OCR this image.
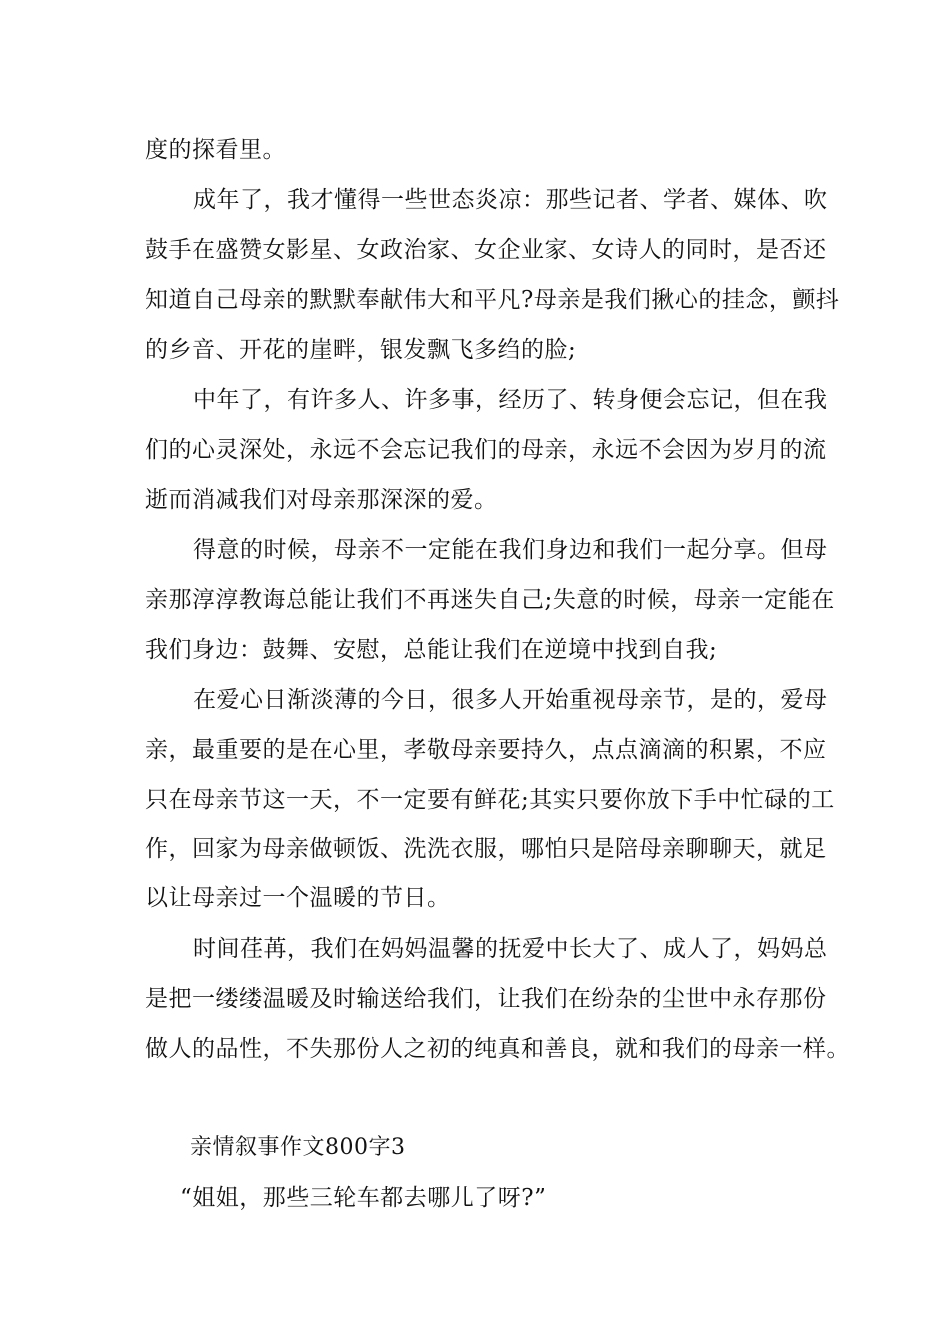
度的探看里。
成年了，我才懂得一些世态炎凉：那些记者、学者、媒体、吹
鼓手在盛赞女影星、女政治家、女企业家、女诗人的同时，是否还
知道自己母亲的默默奉献伟大和平凡?母亲是我们揪心的挂念，颤抖
的乡音、开花的崖畔，银发飘飞多绉的脸;
中年了，有许多人、许多事，经历了、转身便会忘记，但在我
们的心灵深处，永远不会忘记我们的母亲，永远不会因为岁月的流
逝而消减我们对母亲那深深的爱。
得意的时候，母亲不一定能在我们身边和我们一起分享。但母
亲那淳淳教诲总能让我们不再迷失自己;失意的时候，母亲一定能在
我们身边：鼓舞、安慰，总能让我们在逆境中找到自我;
在爱心日渐淡薄的今日，很多人开始重视母亲节，是的，爱母
亲，最重要的是在心里，孝敬母亲要持久，点点滴滴的积累，不应
只在母亲节这一天，不一定要有鲜花;其实只要你放下手中忙碌的工
作，回家为母亲做顿饭、洗洗衣服，哪怕只是陪母亲聊聊天，就足
以让母亲过一个温暖的节日。
时间荏苒，我们在妈妈温馨的抚爱中长大了、成人了，妈妈总
是把一缕缕温暖及时输送给我们，让我们在纷杂的尘世中永存那份
做人的品性，不失那份人之初的纯真和善良，就和我们的母亲一样。
亲情叙事作文800字3
“姐姐，那些三轮车都去哪儿了呀?”
